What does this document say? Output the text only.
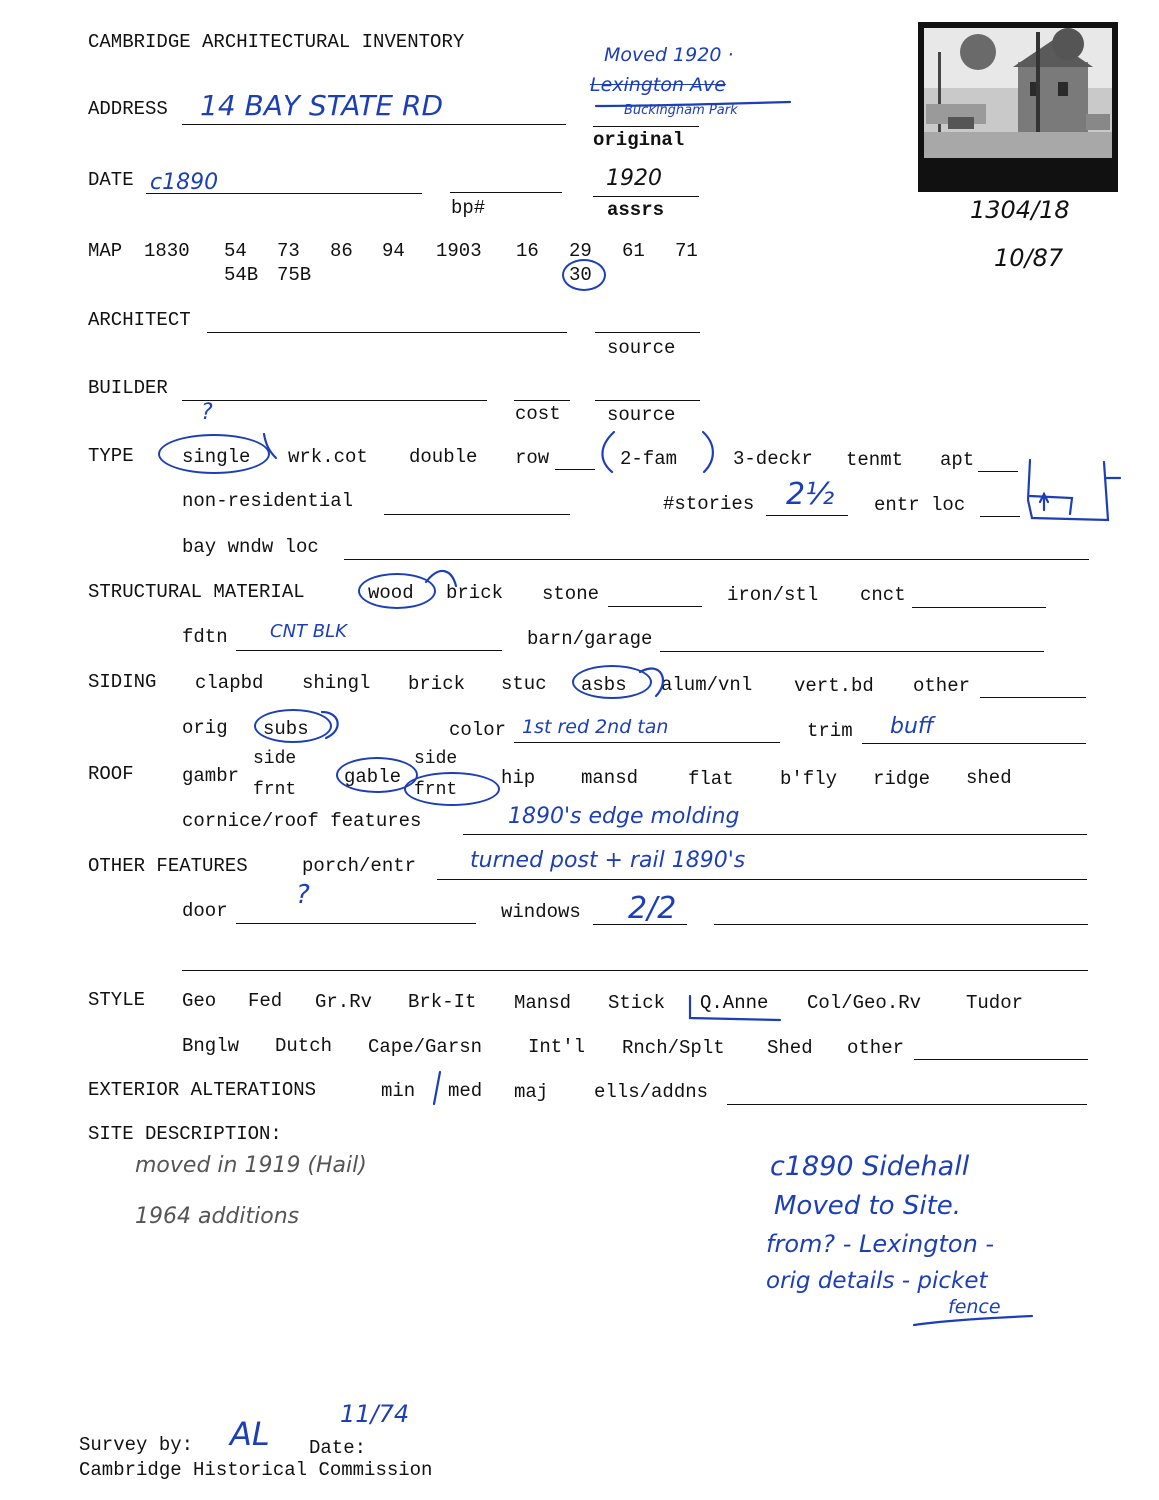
CAMBRIDGE ARCHITECTURAL INVENTORY
Moved 1920 ·
Lexington Ave
Buckingham Park
ADDRESS 14 BAY STATE RD
original
DATE c1890
bp#
1920
assrs	1304/18
10/87
MAP 1830 54 73 86 94 1903 16 29 61 71
54B 75B	30
ARCHITECT
source
BUILDER
cost source
?
TYPE	single wrk.cot double row	2-fam	3-deckr tenmt apt
non-residential	#stories 2½ entr loc
bay wndw loc
STRUCTURAL MATERIAL	wood brick stone	iron/stl cnct
fdtn CNT BLK	barn/garage
SIDING clapbd shingl brick stuc asbs alum/vnl vert.bd other
orig subs	color 1st red 2nd tan	trim buff
ROOF	gambr
side
frnt
gable
side
frnt
hip mansd	flat b'fly ridge shed
cornice/roof features	1890's edge molding
OTHER FEATURES	porch/entr turned post + rail 1890's
door
?
windows 2/2
STYLE Geo Fed Gr.Rv Brk-It Mansd Stick Q.Anne Col/Geo.Rv Tudor
Bnglw Dutch Cape/Garsn Int'l Rnch/Splt Shed other
EXTERIOR ALTERATIONS	min med maj ells/addns
SITE DESCRIPTION:
moved in 1919 (Hail)
1964 additions
c1890 Sidehall
Moved to Site.
from? - Lexington -
orig details - picket
fence
Survey by: AL Date:
11/74
Cambridge Historical Commission
